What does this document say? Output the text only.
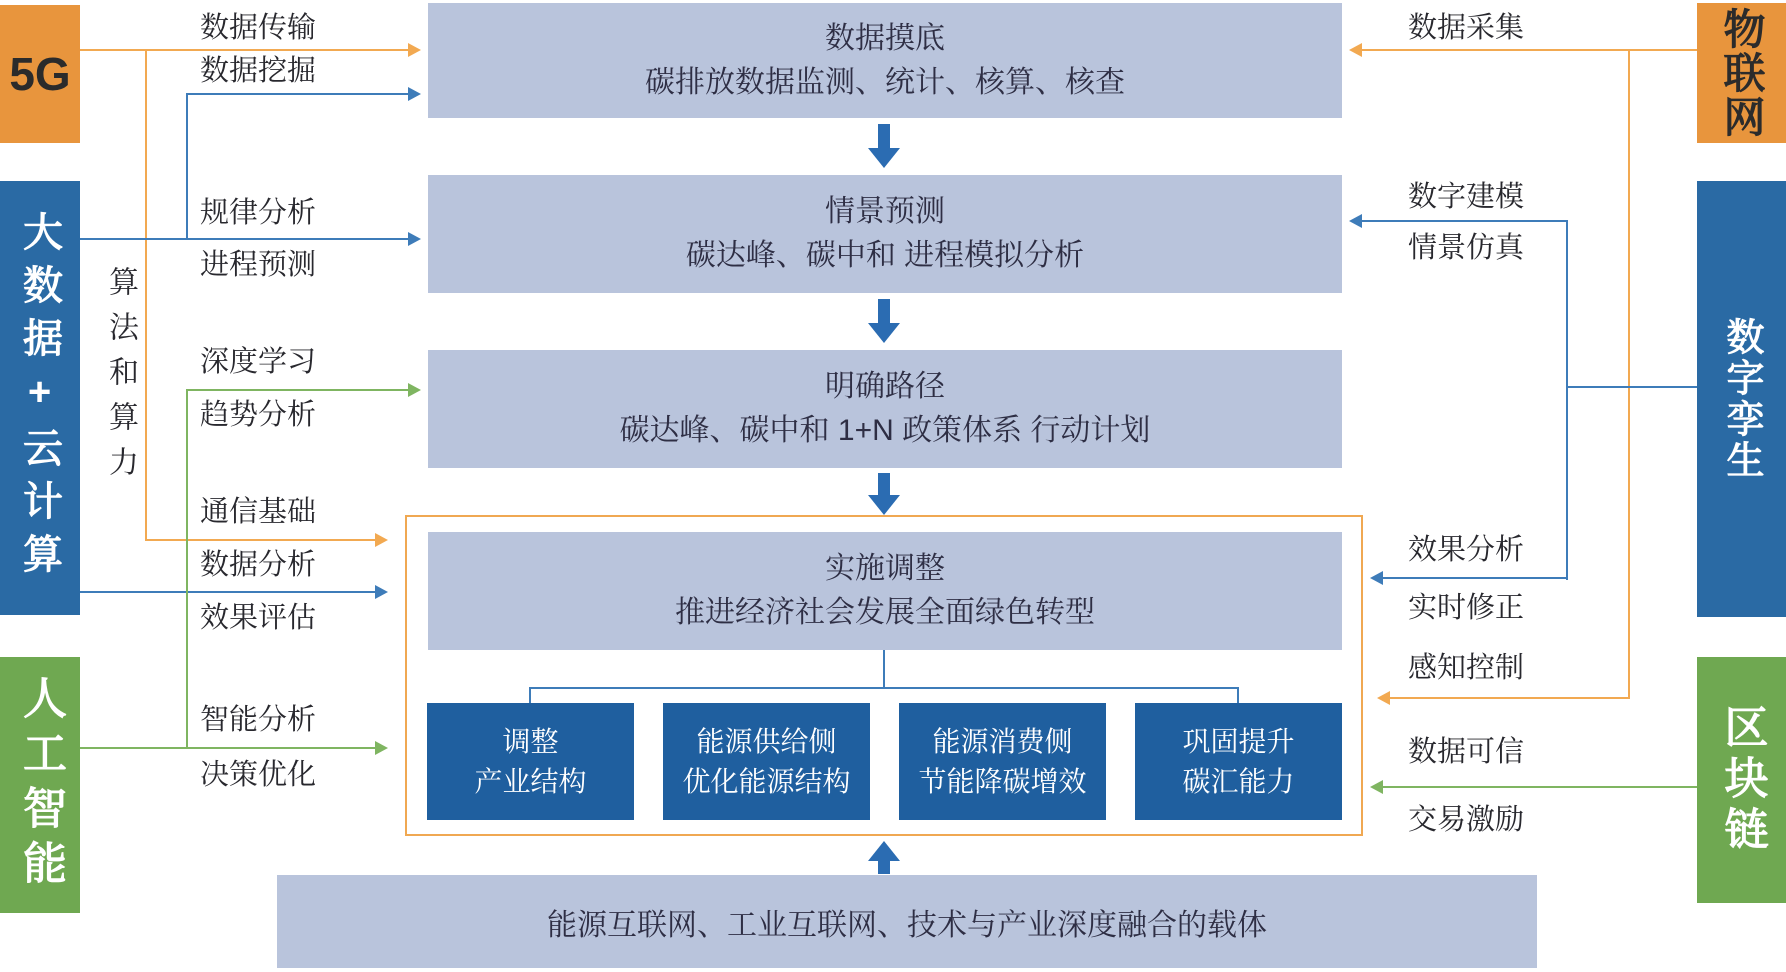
5G
大数据+云计算
人工智能
物联网
数字孪生
区块链
算法和算力
数据摸底
碳排放数据监测、统计、核算、核查
情景预测
碳达峰、碳中和 进程模拟分析
明确路径
碳达峰、碳中和 1+N 政策体系 行动计划
实施调整
推进经济社会发展全面绿色转型
调整
产业结构
能源供给侧
优化能源结构
能源消费侧
节能降碳增效
巩固提升
碳汇能力
能源互联网、工业互联网、技术与产业深度融合的载体
数据传输
数据挖掘
规律分析
进程预测
深度学习
趋势分析
通信基础
数据分析
效果评估
智能分析
决策优化
数据采集
数字建模
情景仿真
效果分析
实时修正
感知控制
数据可信
交易激励
